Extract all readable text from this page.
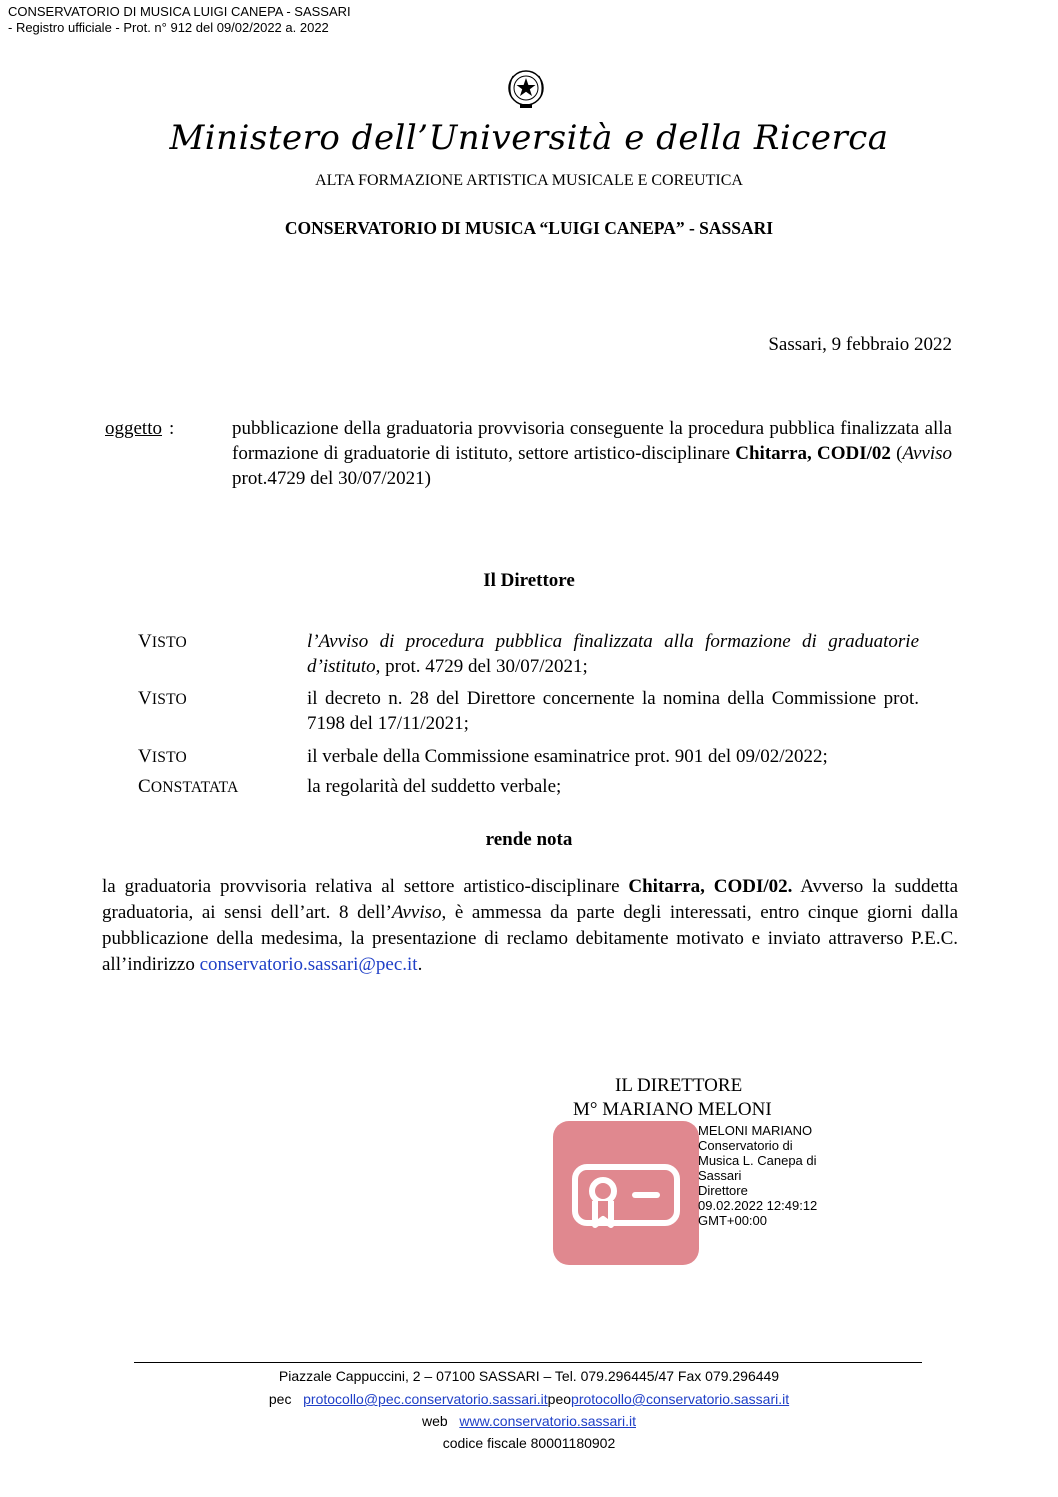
CONSERVATORIO DI MUSICA LUIGI CANEPA - SASSARI
- Registro ufficiale - Prot. n° 912 del 09/02/2022 a. 2022
Ministero dell’Università e della Ricerca
ALTA FORMAZIONE ARTISTICA MUSICALE E COREUTICA
CONSERVATORIO DI MUSICA “LUIGI CANEPA” - SASSARI
Sassari, 9 febbraio 2022
oggetto :	pubblicazione della graduatoria provvisoria conseguente la procedura pubblica finalizzata alla formazione di graduatorie di istituto, settore artistico-disciplinare Chitarra, CODI/02 (Avviso prot.4729 del 30/07/2021)
Il Direttore
VISTO	l’Avviso di procedura pubblica finalizzata alla formazione di graduatorie d’istituto, prot. 4729 del 30/07/2021;
VISTO	il decreto n. 28 del Direttore concernente la nomina della Commissione prot. 7198 del 17/11/2021;
VISTO	il verbale della Commissione esaminatrice prot. 901 del 09/02/2022;
CONSTATATA	la regolarità del suddetto verbale;
rende nota
la graduatoria provvisoria relativa al settore artistico-disciplinare Chitarra, CODI/02. Avverso la suddetta graduatoria, ai sensi dell’art. 8 dell’Avviso, è ammessa da parte degli interessati, entro cinque giorni dalla pubblicazione della medesima, la presentazione di reclamo debitamente motivato e inviato attraverso P.E.C. all’indirizzo conservatorio.sassari@pec.it.
IL DIRETTORE
M° MARIANO MELONI
MELONI MARIANO
Conservatorio di
Musica L. Canepa di
Sassari
Direttore
09.02.2022 12:49:12
GMT+00:00
Piazzale Cappuccini, 2 – 07100 SASSARI – Tel. 079.296445/47 Fax 079.296449
pec protocollo@pec.conservatorio.sassari.itpeoprotocollo@conservatorio.sassari.it
web www.conservatorio.sassari.it
codice fiscale 80001180902
